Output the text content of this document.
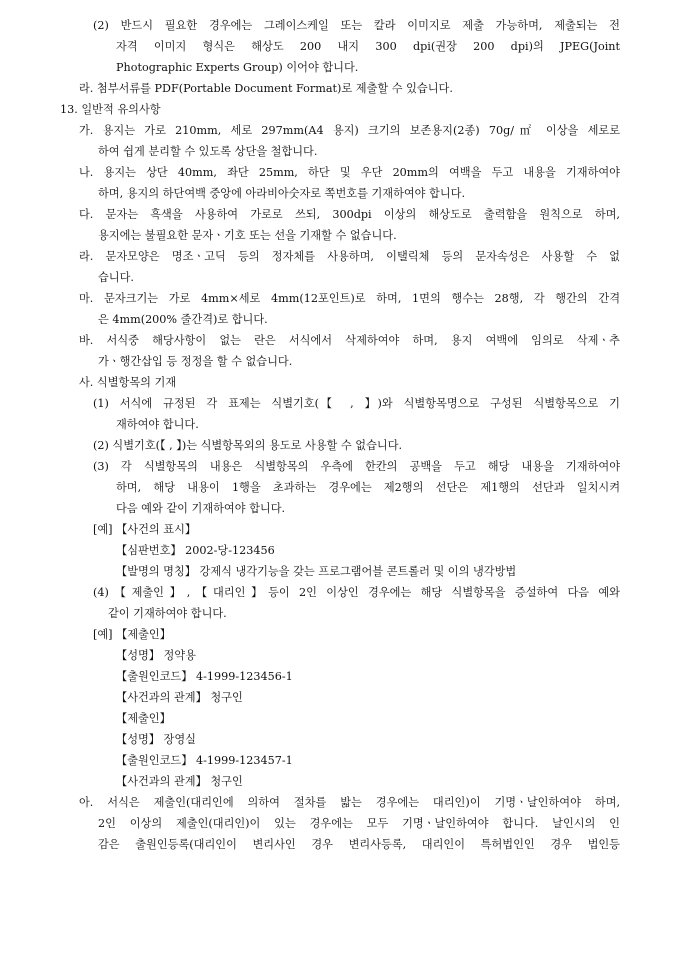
(2) 반드시 필요한 경우에는 그레이스케일 또는 칼라 이미지로 제출 가능하며, 제출되는 전
자격 이미지 형식은 해상도 200 내지 300 dpi(권장 200 dpi)의 JPEG(Joint
Photographic Experts Group) 이어야 합니다.
라. 첨부서류를 PDF(Portable Document Format)로 제출할 수 있습니다.
13. 일반적 유의사항
가. 용지는 가로 210mm, 세로 297mm(A4 용지) 크기의 보존용지(2종) 70g/㎡ 이상을 세로로
하여 쉽게 분리할 수 있도록 상단을 철합니다.
나. 용지는 상단 40mm, 좌단 25mm, 하단 및 우단 20mm의 여백을 두고 내용을 기재하여야
하며, 용지의 하단여백 중앙에 아라비아숫자로 쪽번호를 기재하여야 합니다.
다. 문자는 흑색을 사용하여 가로로 쓰되, 300dpi 이상의 해상도로 출력함을 원칙으로 하며,
용지에는 불필요한 문자ㆍ기호 또는 선을 기재할 수 없습니다.
라. 문자모양은 명조ㆍ고딕 등의 정자체를 사용하며, 이탤릭체 등의 문자속성은 사용할 수 없
습니다.
마. 문자크기는 가로 4mm×세로 4mm(12포인트)로 하며, 1면의 행수는 28행, 각 행간의 간격
은 4mm(200% 줄간격)로 합니다.
바. 서식중 해당사항이 없는 란은 서식에서 삭제하여야 하며, 용지 여백에 임의로 삭제ㆍ추
가ㆍ행간삽입 등 정정을 할 수 없습니다.
사. 식별항목의 기재
(1) 서식에 규정된 각 표제는 식별기호(【 , 】)와 식별항목명으로 구성된 식별항목으로 기
재하여야 합니다.
(2) 식별기호(【 , 】)는 식별항목외의 용도로 사용할 수 없습니다.
(3) 각 식별항목의 내용은 식별항목의 우측에 한칸의 공백을 두고 해당 내용을 기재하여야
하며, 해당 내용이 1행을 초과하는 경우에는 제2행의 선단은 제1행의 선단과 일치시켜
다음 예와 같이 기재하여야 합니다.
[예] 【사건의 표시】
【심판번호】 2002-당-123456
【발명의 명칭】 강제식 냉각기능을 갖는 프로그램어블 콘트롤러 및 이의 냉각방법
(4)【제출인】,【대리인】등이 2인 이상인 경우에는 해당 식별항목을 증설하여 다음 예와
같이 기재하여야 합니다.
[예] 【제출인】
【성명】 정약용
【출원인코드】 4-1999-123456-1
【사건과의 관계】 청구인
【제출인】
【성명】 장영실
【출원인코드】 4-1999-123457-1
【사건과의 관계】 청구인
아. 서식은 제출인(대리인에 의하여 절차를 밟는 경우에는 대리인)이 기명ㆍ날인하여야 하며,
2인 이상의 제출인(대리인)이 있는 경우에는 모두 기명ㆍ날인하여야 합니다. 날인시의 인
감은 출원인등록(대리인이 변리사인 경우 변리사등록, 대리인이 특허법인인 경우 법인등
